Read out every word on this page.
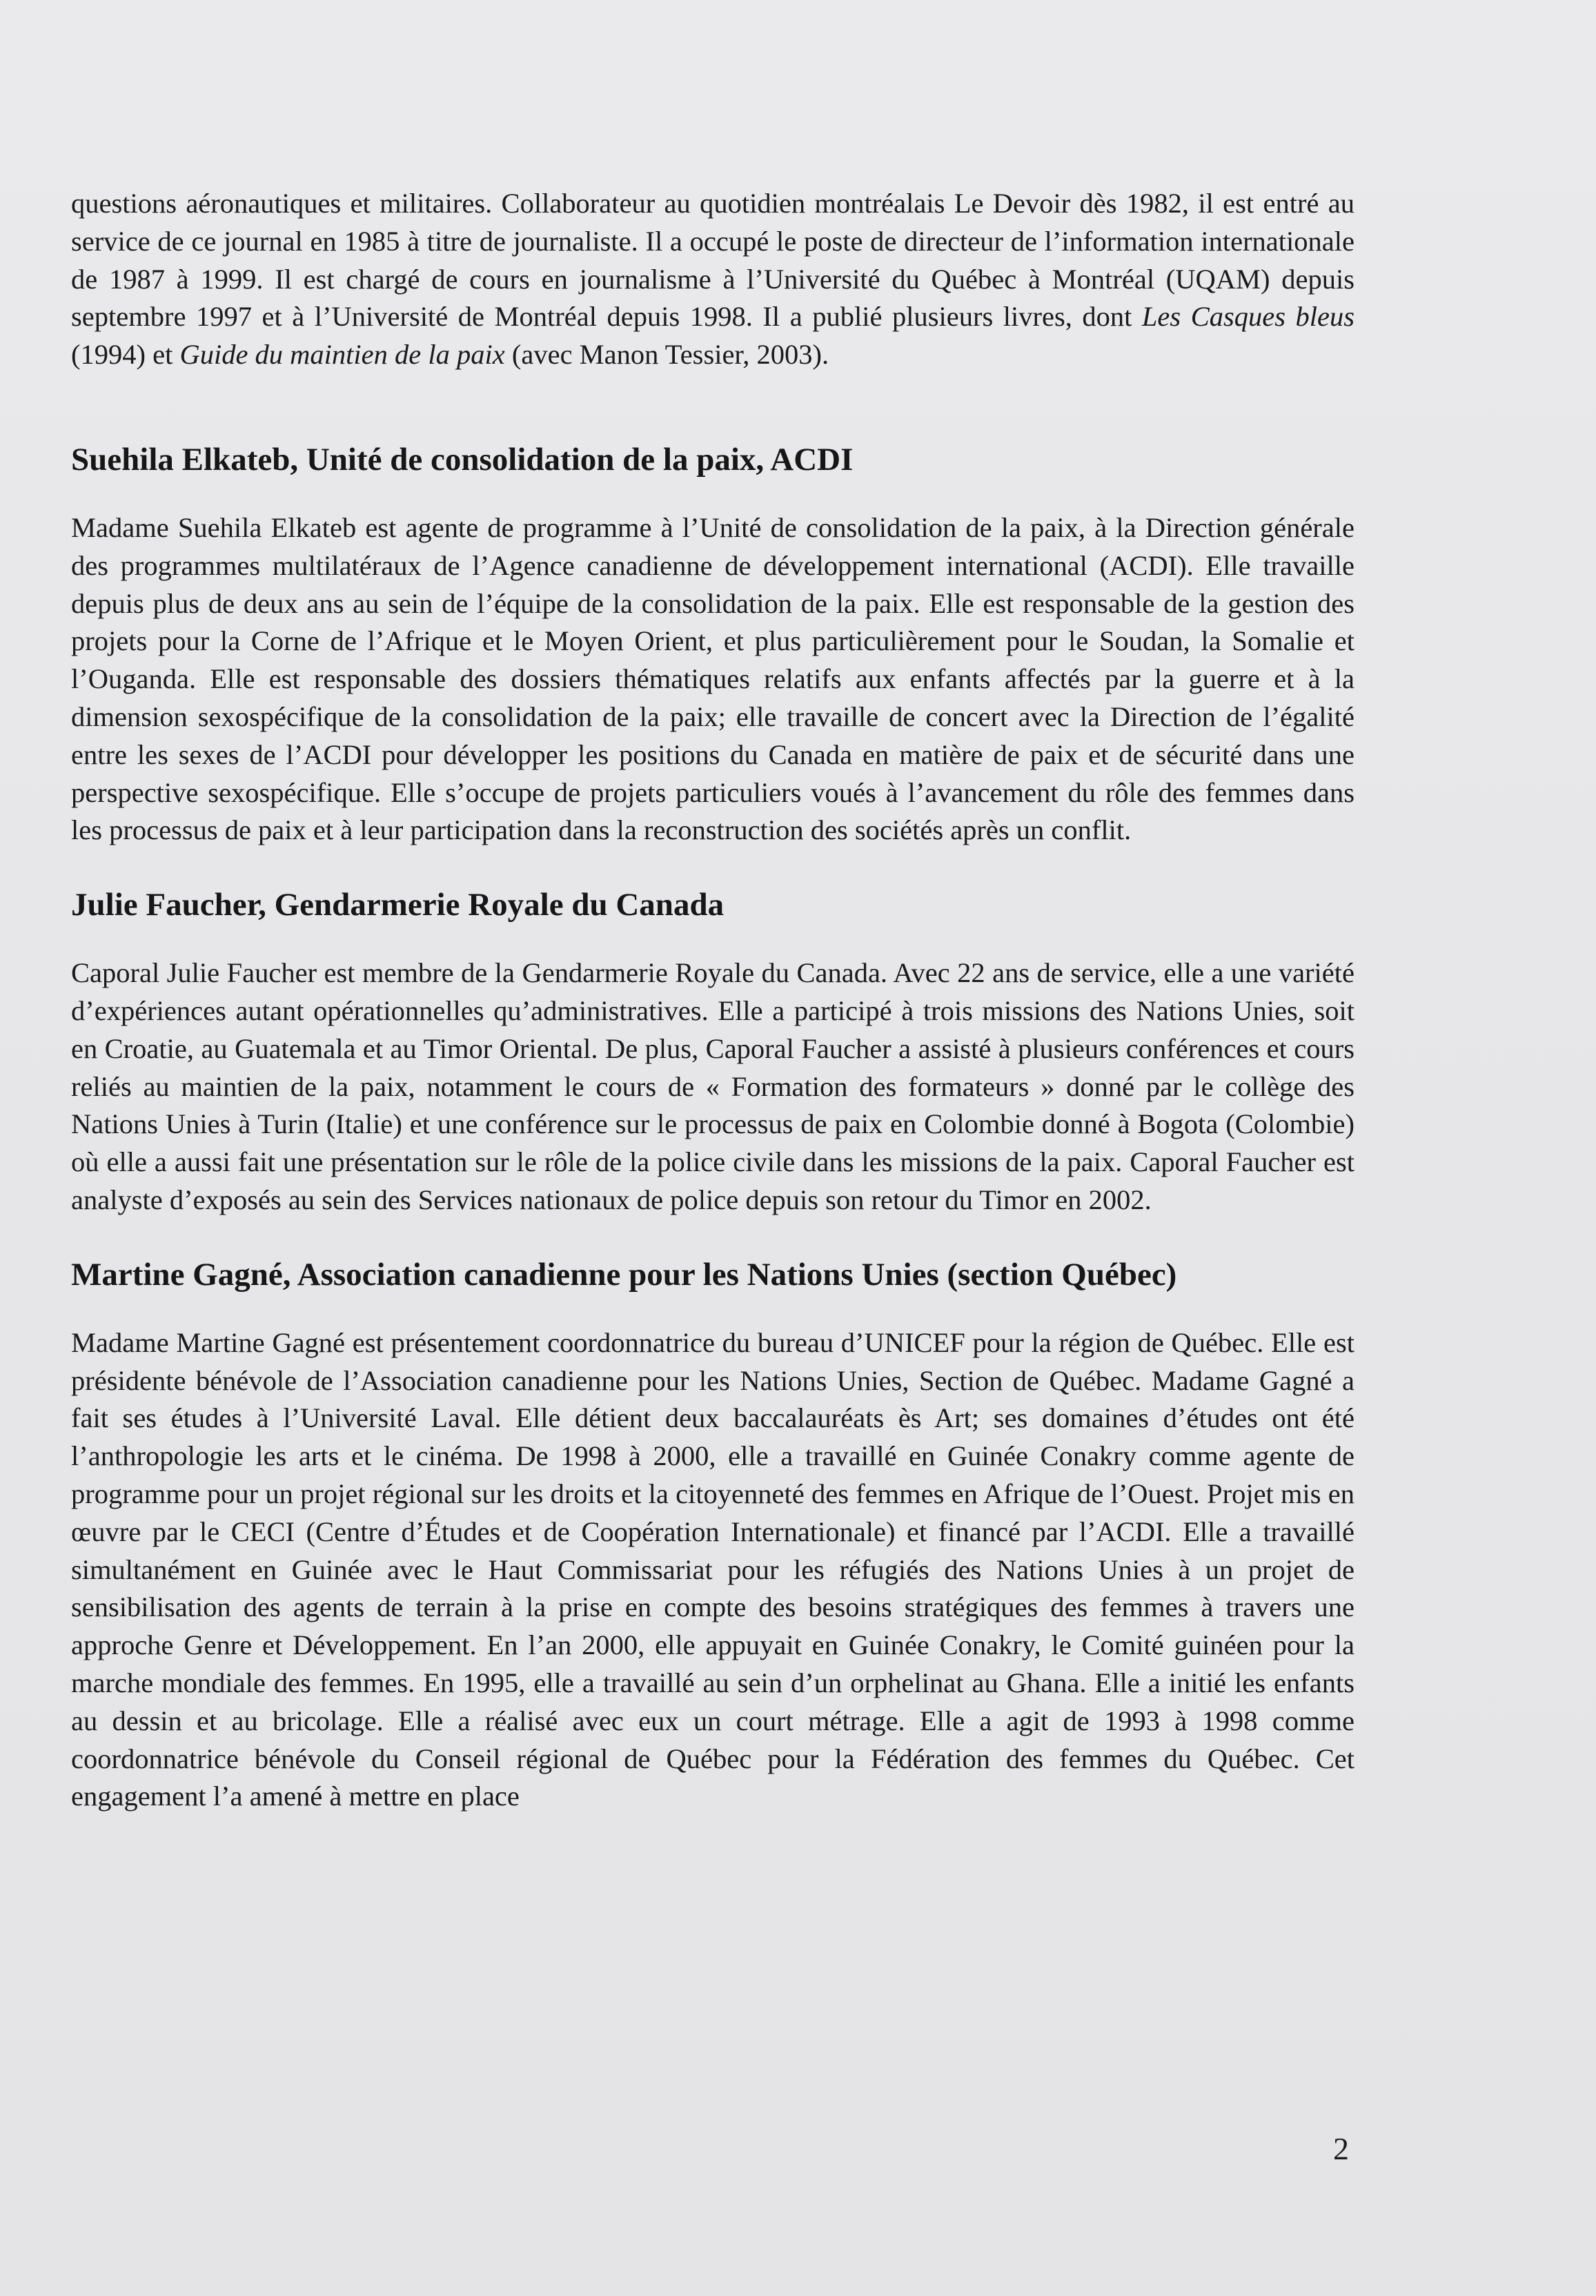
questions aéronautiques et militaires. Collaborateur au quotidien montréalais Le Devoir dès 1982, il est entré au service de ce journal en 1985 à titre de journaliste. Il a occupé le poste de directeur de l’information internationale de 1987 à 1999. Il est chargé de cours en journalisme à l’Université du Québec à Montréal (UQAM) depuis septembre 1997 et à l’Université de Montréal depuis 1998. Il a publié plusieurs livres, dont Les Casques bleus (1994) et Guide du maintien de la paix (avec Manon Tessier, 2003).

Suehila Elkateb, Unité de consolidation de la paix, ACDI

Madame Suehila Elkateb est agente de programme à l’Unité de consolidation de la paix, à la Direction générale des programmes multilatéraux de l’Agence canadienne de développement international (ACDI). Elle travaille depuis plus de deux ans au sein de l’équipe de la consolidation de la paix. Elle est responsable de la gestion des projets pour la Corne de l’Afrique et le Moyen Orient, et plus particulièrement pour le Soudan, la Somalie et l’Ouganda. Elle est responsable des dossiers thématiques relatifs aux enfants affectés par la guerre et à la dimension sexospécifique de la consolidation de la paix; elle travaille de concert avec la Direction de l’égalité entre les sexes de l’ACDI pour développer les positions du Canada en matière de paix et de sécurité dans une perspective sexospécifique. Elle s’occupe de projets particuliers voués à l’avancement du rôle des femmes dans les processus de paix et à leur participation dans la reconstruction des sociétés après un conflit.

Julie Faucher, Gendarmerie Royale du Canada

Caporal Julie Faucher est membre de la Gendarmerie Royale du Canada. Avec 22 ans de service, elle a une variété d’expériences autant opérationnelles qu’administratives. Elle a participé à trois missions des Nations Unies, soit en Croatie, au Guatemala et au Timor Oriental. De plus, Caporal Faucher a assisté à plusieurs conférences et cours reliés au maintien de la paix, notamment le cours de « Formation des formateurs » donné par le collège des Nations Unies à Turin (Italie) et une conférence sur le processus de paix en Colombie donné à Bogota (Colombie) où elle a aussi fait une présentation sur le rôle de la police civile dans les missions de la paix. Caporal Faucher est analyste d’exposés au sein des Services nationaux de police depuis son retour du Timor en 2002.

Martine Gagné, Association canadienne pour les Nations Unies (section Québec)

Madame Martine Gagné est présentement coordonnatrice du bureau d’UNICEF pour la région de Québec. Elle est présidente bénévole de l’Association canadienne pour les Nations Unies, Section de Québec. Madame Gagné a fait ses études à l’Université Laval. Elle détient deux baccalauréats ès Art; ses domaines d’études ont été l’anthropologie les arts et le cinéma. De 1998 à 2000, elle a travaillé en Guinée Conakry comme agente de programme pour un projet régional sur les droits et la citoyenneté des femmes en Afrique de l’Ouest. Projet mis en œuvre par le CECI (Centre d’Études et de Coopération Internationale) et financé par l’ACDI. Elle a travaillé simultanément en Guinée avec le Haut Commissariat pour les réfugiés des Nations Unies à un projet de sensibilisation des agents de terrain à la prise en compte des besoins stratégiques des femmes à travers une approche Genre et Développement. En l’an 2000, elle appuyait en Guinée Conakry, le Comité guinéen pour la marche mondiale des femmes. En 1995, elle a travaillé au sein d’un orphelinat au Ghana. Elle a initié les enfants au dessin et au bricolage. Elle a réalisé avec eux un court métrage. Elle a agit de 1993 à 1998 comme coordonnatrice bénévole du Conseil régional de Québec pour la Fédération des femmes du Québec. Cet engagement l’a amené à mettre en place

2
